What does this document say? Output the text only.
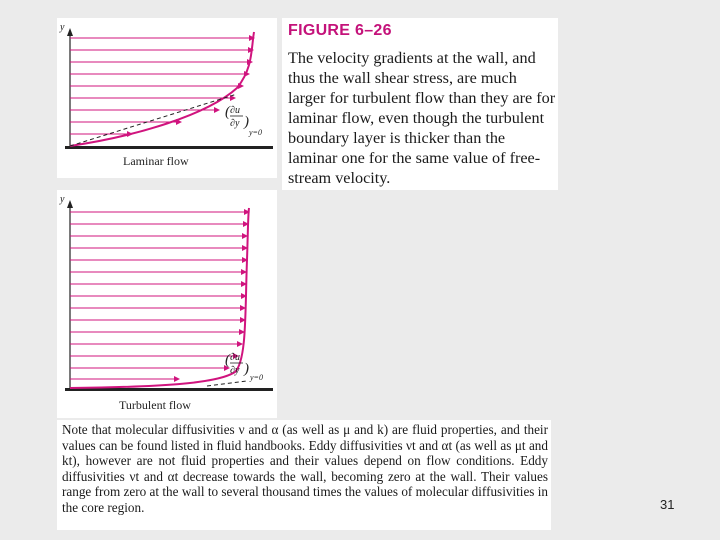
y
( ∂u
∂y )
y=0
Laminar flow
y
( ∂u
∂y )
y=0
Turbulent flow
FIGURE 6–26
The velocity gradients at the wall, and thus the wall shear stress, are much larger for turbulent flow than they are for laminar flow, even though the turbulent boundary layer is thicker than the laminar one for the same value of free-stream velocity.
Note that molecular diffusivities ν and α (as well as μ and k) are fluid properties, and their values can be found listed in fluid handbooks. Eddy diffusivities νt and αt (as well as μt and kt), however are not fluid properties and their values depend on flow conditions. Eddy diffusivities νt and αt decrease towards the wall, becoming zero at the wall. Their values range from zero at the wall to several thousand times the values of molecular diffusivities in the core region.	31
